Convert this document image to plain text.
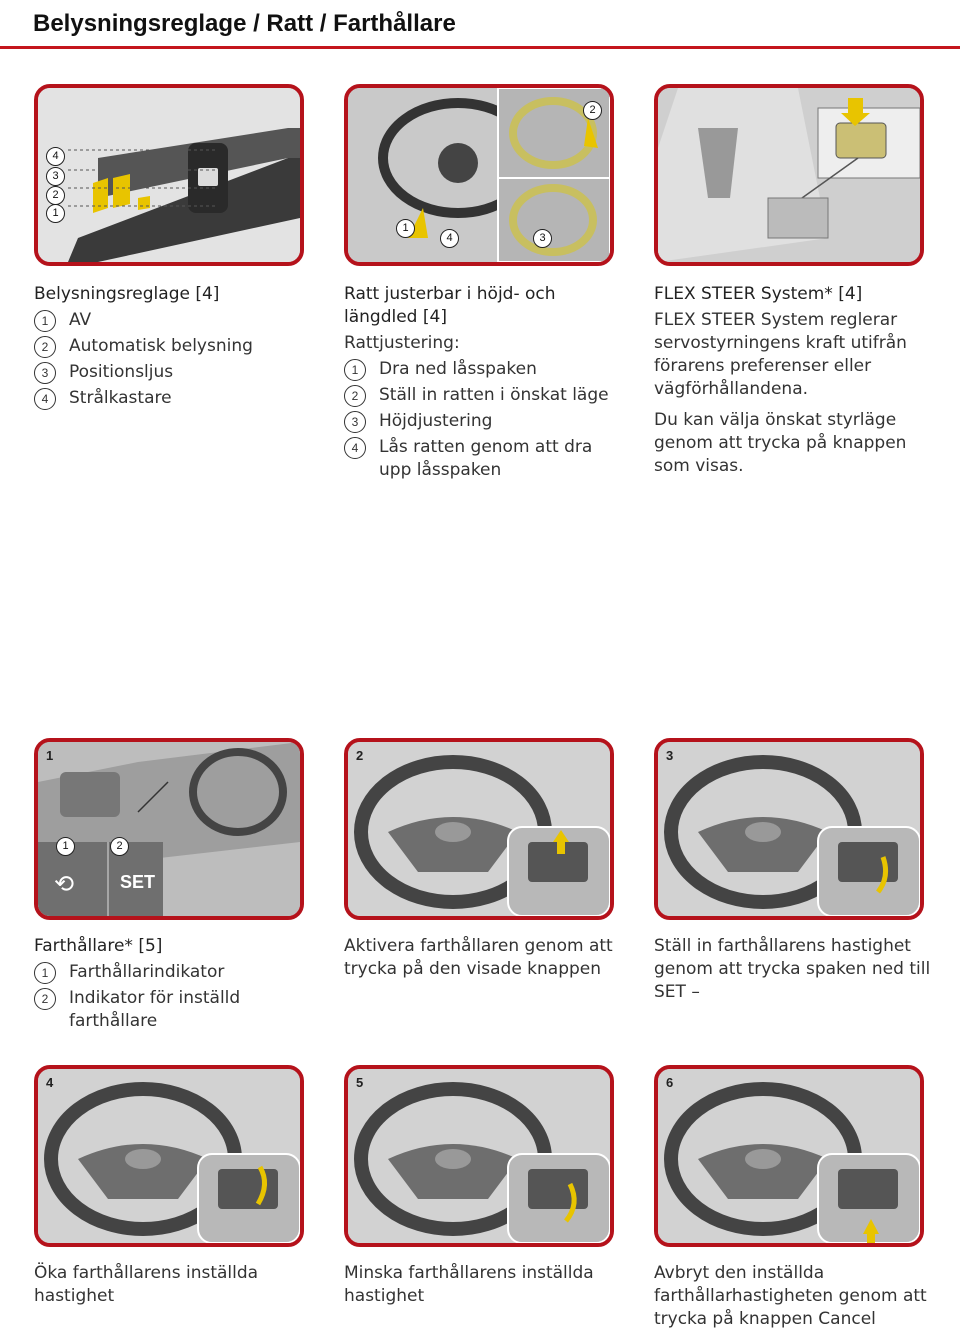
Belysningsreglage / Ratt / Farthållare
4
3
2
1
2
1
4	3
Belysningsreglage [4]
1	AV
2	Automatisk belysning
3	Positionsljus
4	Strålkastare
Ratt justerbar i höjd- och längdled [4]

Rattjustering:

1	Dra ned låsspaken
2	Ställ in ratten i önskat läge
3	Höjdjustering
4	Lås ratten genom att dra upp låsspaken
FLEX STEER System* [4]

FLEX STEER System reglerar servostyrningens kraft utifrån förarens preferenser eller vägförhållandena.

Du kan välja önskat styrläge genom att trycka på knappen som visas.

1
1	2
⟲	SET
2	3
Farthållare* [5]
1	Farthållarindikator
2	Indikator för inställd farthållare

Aktivera farthållaren genom att trycka på den visade knappen

Ställ in farthållarens hastighet genom att trycka spaken ned till SET –

4	5	6

Öka farthållarens inställda hastighet

Minska farthållarens inställda hastighet

Avbryt den inställda farthållarhastigheten genom att trycka på knappen Cancel
